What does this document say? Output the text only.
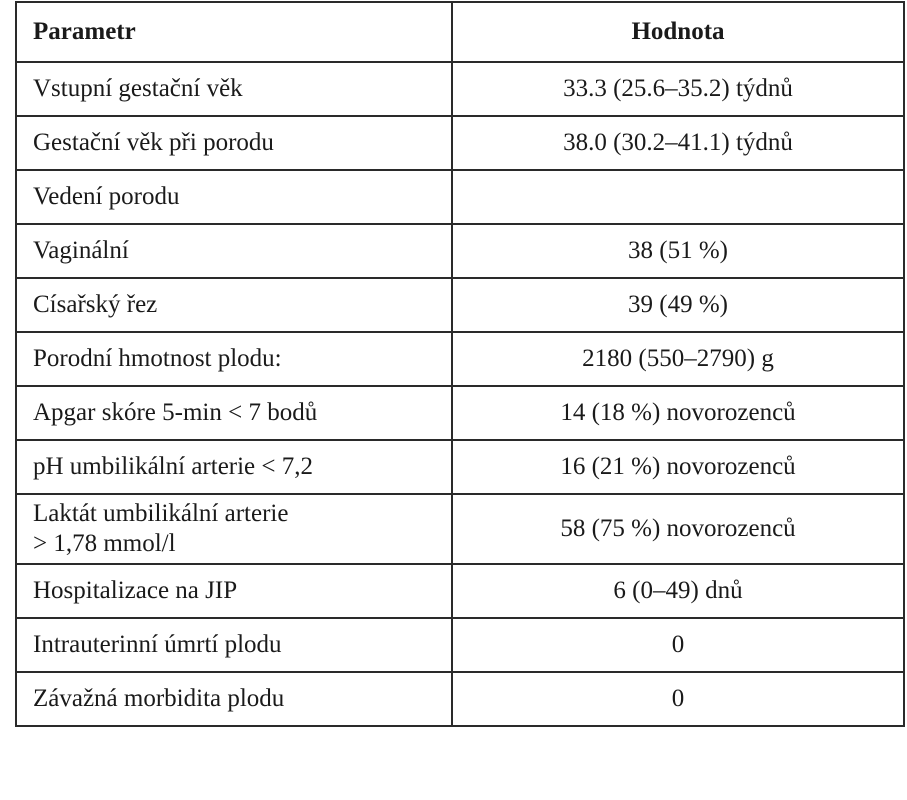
Parametr	Hodnota
Vstupní gestační věk	33.3 (25.6–35.2) týdnů
Gestační věk při porodu	38.0 (30.2–41.1) týdnů
Vedení porodu	
Vaginální	38 (51 %)
Císařský řez	39 (49 %)
Porodní hmotnost plodu:	2180 (550–2790) g
Apgar skóre 5-min < 7 bodů	14 (18 %) novorozenců
pH umbilikální arterie < 7,2	16 (21 %) novorozenců
Laktát umbilikální arterie
> 1,78 mmol/l	58 (75 %) novorozenců
Hospitalizace na JIP	6 (0–49) dnů
Intrauterinní úmrtí plodu	0
Závažná morbidita plodu	0
